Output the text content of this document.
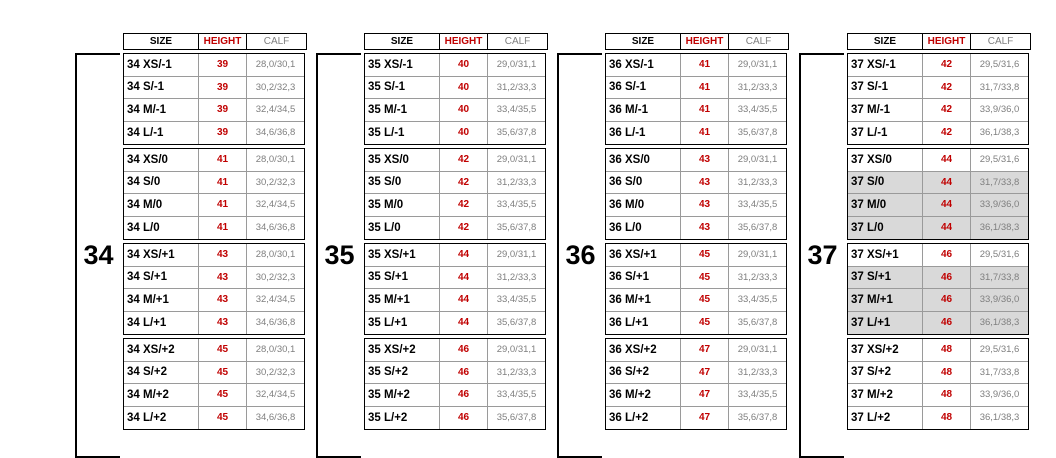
34
SIZE	HEIGHT	CALF
34 XS/-1	39	28,0/30,1
34 S/-1	39	30,2/32,3
34 M/-1	39	32,4/34,5
34 L/-1	39	34,6/36,8
34 XS/0	41	28,0/30,1
34 S/0	41	30,2/32,3
34 M/0	41	32,4/34,5
34 L/0	41	34,6/36,8
34 XS/+1	43	28,0/30,1
34 S/+1	43	30,2/32,3
34 M/+1	43	32,4/34,5
34 L/+1	43	34,6/36,8
34 XS/+2	45	28,0/30,1
34 S/+2	45	30,2/32,3
34 M/+2	45	32,4/34,5
34 L/+2	45	34,6/36,8
35
SIZE	HEIGHT	CALF
35 XS/-1	40	29,0/31,1
35 S/-1	40	31,2/33,3
35 M/-1	40	33,4/35,5
35 L/-1	40	35,6/37,8
35 XS/0	42	29,0/31,1
35 S/0	42	31,2/33,3
35 M/0	42	33,4/35,5
35 L/0	42	35,6/37,8
35 XS/+1	44	29,0/31,1
35 S/+1	44	31,2/33,3
35 M/+1	44	33,4/35,5
35 L/+1	44	35,6/37,8
35 XS/+2	46	29,0/31,1
35 S/+2	46	31,2/33,3
35 M/+2	46	33,4/35,5
35 L/+2	46	35,6/37,8
36
SIZE	HEIGHT	CALF
36 XS/-1	41	29,0/31,1
36 S/-1	41	31,2/33,3
36 M/-1	41	33,4/35,5
36 L/-1	41	35,6/37,8
36 XS/0	43	29,0/31,1
36 S/0	43	31,2/33,3
36 M/0	43	33,4/35,5
36 L/0	43	35,6/37,8
36 XS/+1	45	29,0/31,1
36 S/+1	45	31,2/33,3
36 M/+1	45	33,4/35,5
36 L/+1	45	35,6/37,8
36 XS/+2	47	29,0/31,1
36 S/+2	47	31,2/33,3
36 M/+2	47	33,4/35,5
36 L/+2	47	35,6/37,8
37
SIZE	HEIGHT	CALF
37 XS/-1	42	29,5/31,6
37 S/-1	42	31,7/33,8
37 M/-1	42	33,9/36,0
37 L/-1	42	36,1/38,3
37 XS/0	44	29,5/31,6
37 S/0	44	31,7/33,8
37 M/0	44	33,9/36,0
37 L/0	44	36,1/38,3
37 XS/+1	46	29,5/31,6
37 S/+1	46	31,7/33,8
37 M/+1	46	33,9/36,0
37 L/+1	46	36,1/38,3
37 XS/+2	48	29,5/31,6
37 S/+2	48	31,7/33,8
37 M/+2	48	33,9/36,0
37 L/+2	48	36,1/38,3
